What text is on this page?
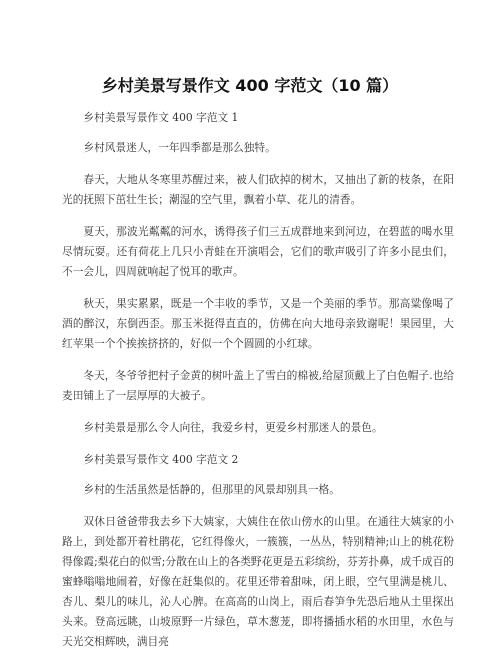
乡村美景写景作文 400 字范文（10 篇）

乡村美景写景作文 400 字范文 1

乡村风景迷人，一年四季都是那么独特。

春天，大地从冬寒里苏醒过来，被人们砍掉的树木，又抽出了新的枝条，在阳光的抚照下茁壮生长；潮湿的空气里，飘着小草、花儿的清香。

夏天，那波光粼粼的河水，诱得孩子们三五成群地来到河边，在碧蓝的喝水里尽情玩耍。还有荷花上几只小青蛙在开演唱会，它们的歌声吸引了许多小昆虫们，不一会儿，四周就响起了悦耳的歌声。

秋天，果实累累，既是一个丰收的季节，又是一个美丽的季节。那高粱像喝了酒的醉汉，东倒西歪。那玉米挺得直直的，仿佛在向大地母亲致谢呢！果园里，大红苹果一个个挨挨挤挤的，好似一个个圆圆的小红球。

冬天，冬爷爷把村子金黄的树叶盖上了雪白的棉被,给屋顶戴上了白色帽子.也给麦田铺上了一层厚厚的大被子。

乡村美景是那么令人向往，我爱乡村，更爱乡村那迷人的景色。

乡村美景写景作文 400 字范文 2

乡村的生活虽然是恬静的，但那里的风景却别具一格。

双休日爸爸带我去乡下大姨家，大姨住在依山傍水的山里。在通往大姨家的小路上，到处都开着杜鹃花，它红得像火，一簇簇，一丛丛，特别精神;山上的桃花粉得像霞;梨花白的似雪;分散在山上的各类野花更是五彩缤纷，芬芳扑鼻，成千成百的蜜蜂嗡嗡地闹着，好像在赶集似的。花里还带着甜味，闭上眼，空气里满是桃儿、杏儿、梨儿的味儿，沁人心脾。在高高的山岗上，雨后春笋争先恐后地从土里探出头来。登高远眺，山坡原野一片绿色，草木葱茏，即将播插水稻的水田里，水色与天光交相辉映，满目亮
